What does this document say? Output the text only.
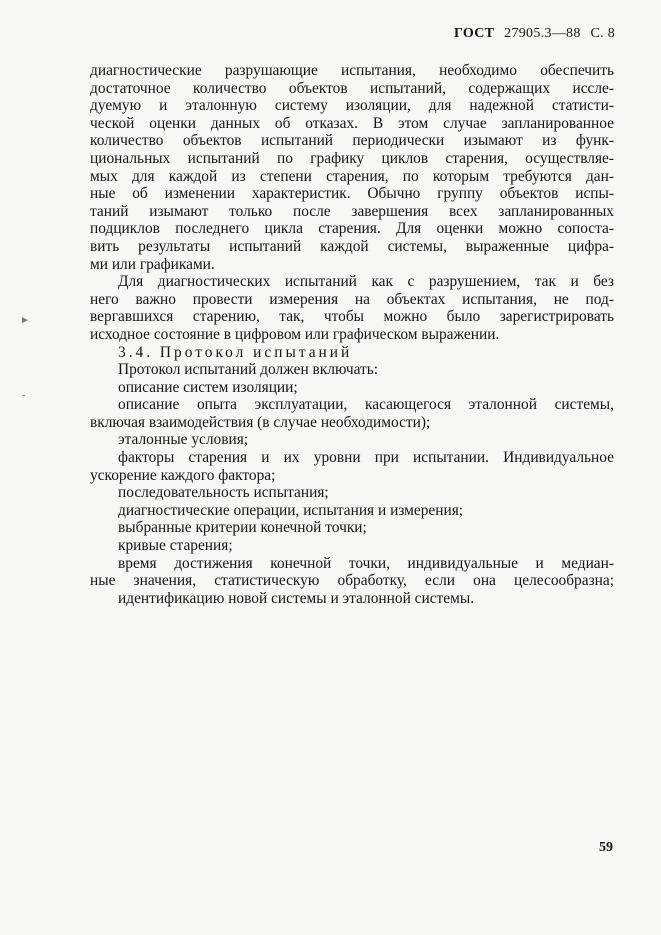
ГОСТ 27905.3—88 С. 8
диагностические разрушающие испытания, необходимо обеспечить
достаточное количество объектов испытаний, содержащих иссле-
дуемую и эталонную систему изоляции, для надежной статисти-
ческой оценки данных об отказах. В этом случае запланированное
количество объектов испытаний периодически изымают из функ-
циональных испытаний по графику циклов старения, осуществляе-
мых для каждой из степени старения, по которым требуются дан-
ные об изменении характеристик. Обычно группу объектов испы-
таний изымают только после завершения всех запланированных
подциклов последнего цикла старения. Для оценки можно сопоста-
вить результаты испытаний каждой системы, выраженные цифра-
ми или графиками.
Для диагностических испытаний как с разрушением, так и без
него важно провести измерения на объектах испытания, не под-
вергавшихся старению, так, чтобы можно было зарегистрировать
исходное состояние в цифровом или графическом выражении.
3.4. Протокол испытаний
Протокол испытаний должен включать:
описание систем изоляции;
описание опыта эксплуатации, касающегося эталонной системы,
включая взаимодействия (в случае необходимости);
эталонные условия;
факторы старения и их уровни при испытании. Индивидуальное
ускорение каждого фактора;
последовательность испытания;
диагностические операции, испытания и измерения;
выбранные критерии конечной точки;
кривые старения;
время достижения конечной точки, индивидуальные и медиан-
ные значения, статистическую обработку, если она целесообразна;
идентификацию новой системы и эталонной системы.
59
►
-
